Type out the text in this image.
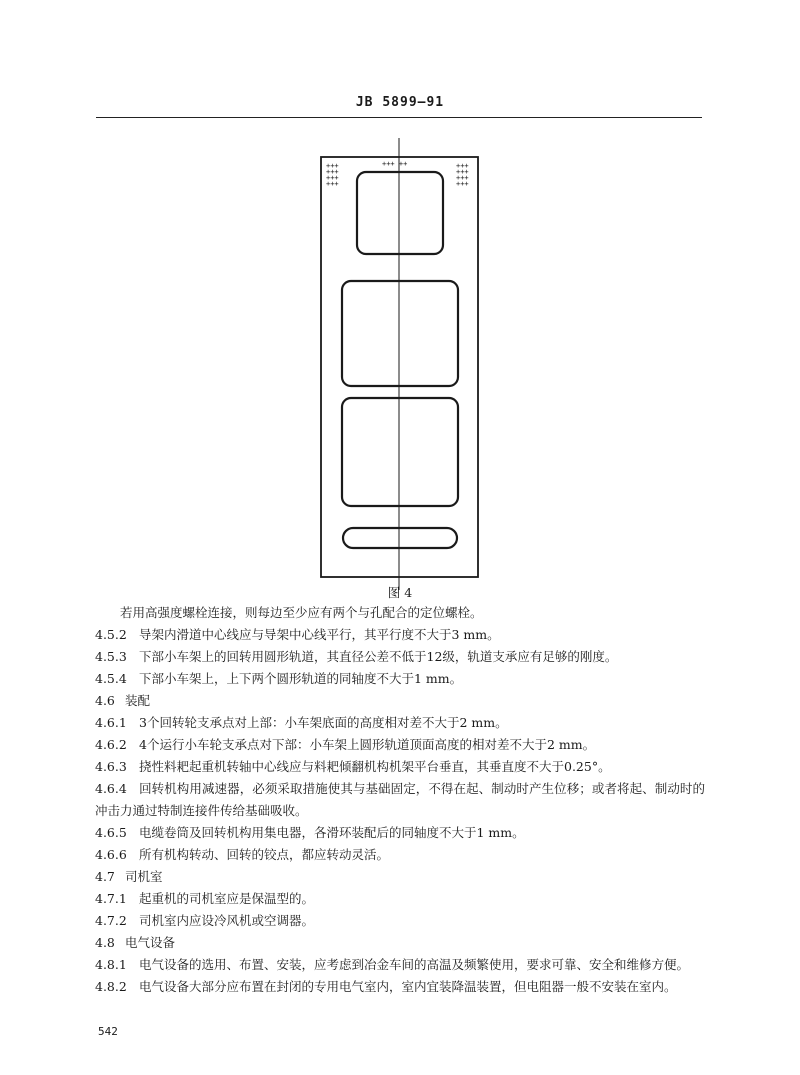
JB 5899—91
+++
+++
+++
+++
+++ ++	+++
+++
+++
+++
图 4

若用高强度螺栓连接，则每边至少应有两个与孔配合的定位螺栓。

4.5.2 导架内滑道中心线应与导架中心线平行，其平行度不大于3 mm。

4.5.3 下部小车架上的回转用圆形轨道，其直径公差不低于12级，轨道支承应有足够的刚度。

4.5.4 下部小车架上，上下两个圆形轨道的同轴度不大于1 mm。

4.6 装配

4.6.1 3个回转轮支承点对上部：小车架底面的高度相对差不大于2 mm。

4.6.2 4个运行小车轮支承点对下部：小车架上圆形轨道顶面高度的相对差不大于2 mm。

4.6.3 挠性料耙起重机转轴中心线应与料耙倾翻机构机架平台垂直，其垂直度不大于0.25°。

4.6.4 回转机构用减速器，必须采取措施使其与基础固定，不得在起、制动时产生位移；或者将起、制动时的冲击力通过特制连接件传给基础吸收。

4.6.5 电缆卷筒及回转机构用集电器，各滑环装配后的同轴度不大于1 mm。

4.6.6 所有机构转动、回转的铰点，都应转动灵活。

4.7 司机室

4.7.1 起重机的司机室应是保温型的。

4.7.2 司机室内应设冷风机或空调器。

4.8 电气设备

4.8.1 电气设备的选用、布置、安装，应考虑到冶金车间的高温及频繁使用，要求可靠、安全和维修方便。

4.8.2 电气设备大部分应布置在封闭的专用电气室内，室内宜装降温装置，但电阻器一般不安装在室内。

542
